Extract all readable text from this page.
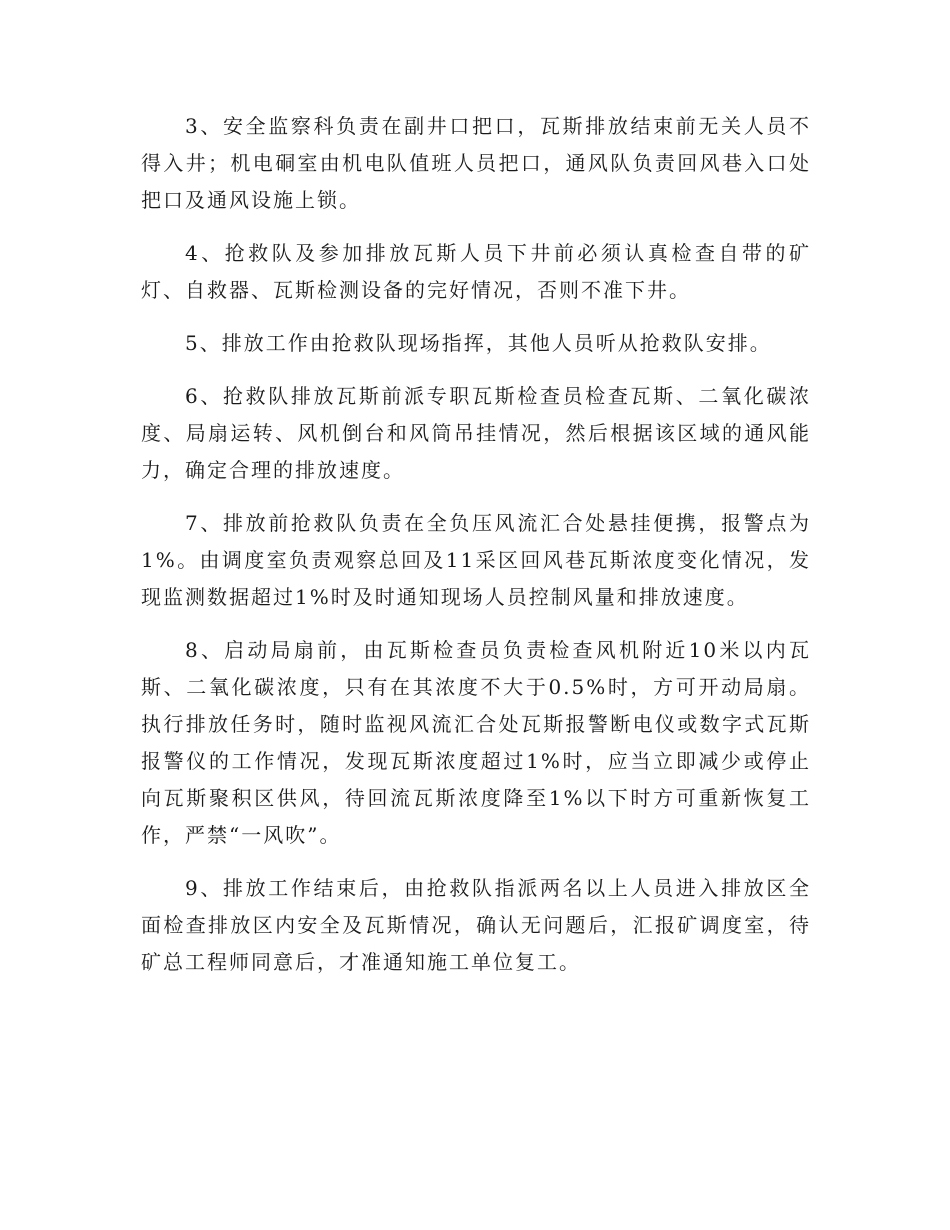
3、安全监察科负责在副井口把口，瓦斯排放结束前无关人员不得入井；机电硐室由机电队值班人员把口，通风队负责回风巷入口处把口及通风设施上锁。

4、抢救队及参加排放瓦斯人员下井前必须认真检查自带的矿灯、自救器、瓦斯检测设备的完好情况，否则不准下井。

5、排放工作由抢救队现场指挥，其他人员听从抢救队安排。

6、抢救队排放瓦斯前派专职瓦斯检查员检查瓦斯、二氧化碳浓度、局扇运转、风机倒台和风筒吊挂情况，然后根据该区域的通风能力，确定合理的排放速度。

7、排放前抢救队负责在全负压风流汇合处悬挂便携，报警点为1%。由调度室负责观察总回及11采区回风巷瓦斯浓度变化情况，发现监测数据超过1%时及时通知现场人员控制风量和排放速度。

8、启动局扇前，由瓦斯检查员负责检查风机附近10米以内瓦斯、二氧化碳浓度，只有在其浓度不大于0.5%时，方可开动局扇。执行排放任务时，随时监视风流汇合处瓦斯报警断电仪或数字式瓦斯报警仪的工作情况，发现瓦斯浓度超过1%时，应当立即减少或停止向瓦斯聚积区供风，待回流瓦斯浓度降至1%以下时方可重新恢复工作，严禁“一风吹”。

9、排放工作结束后，由抢救队指派两名以上人员进入排放区全面检查排放区内安全及瓦斯情况，确认无问题后，汇报矿调度室，待矿总工程师同意后，才准通知施工单位复工。
